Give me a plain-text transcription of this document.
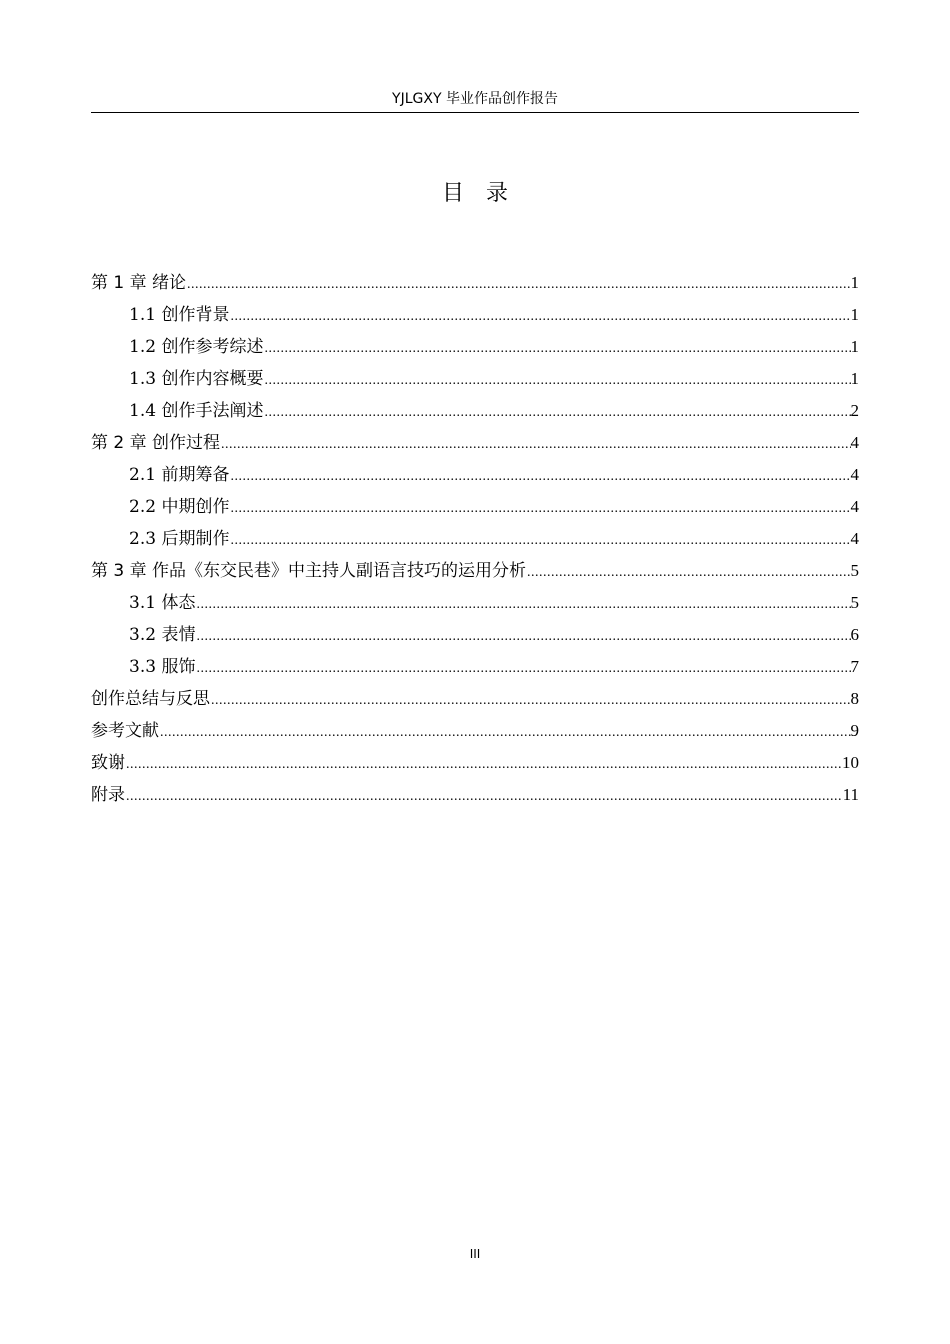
YJLGXY 毕业作品创作报告
目录
第 1 章 绪论 .....	1
1.1 创作背景 .....	1
1.2 创作参考综述 .....	1
1.3 创作内容概要 .....	1
1.4 创作手法阐述 .....	2
第 2 章 创作过程 .....	4
2.1 前期筹备 .....	4
2.2 中期创作 .....	4
2.3 后期制作 .....	4
第 3 章 作品《东交民巷》中主持人副语言技巧的运用分析 .....	5
3.1 体态 .....	5
3.2 表情 .....	6
3.3 服饰 .....	7
创作总结与反思 .....	8
参考文献 .....	9
致谢 .....	10
附录 .....	11
III
